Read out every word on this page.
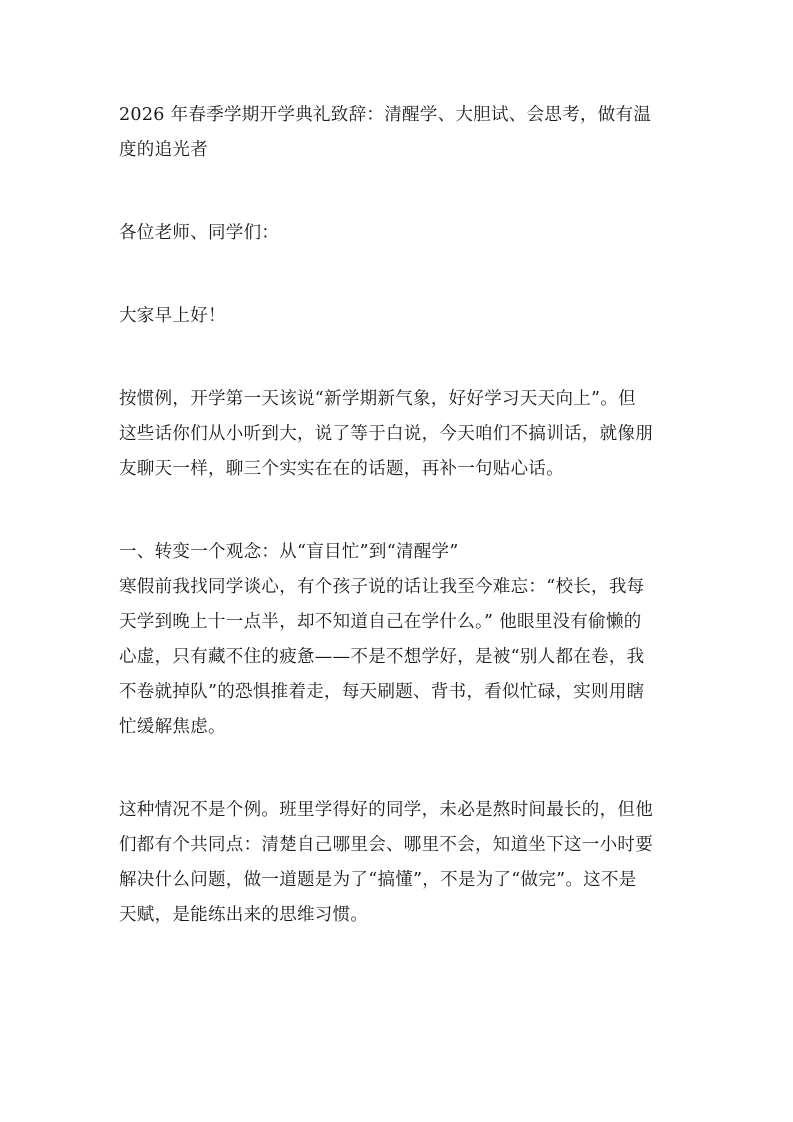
2026 年春季学期开学典礼致辞：清醒学、大胆试、会思考，做有温
度的追光者
各位老师、同学们：
大家早上好！
按惯例，开学第一天该说“新学期新气象，好好学习天天向上”。但
这些话你们从小听到大，说了等于白说，今天咱们不搞训话，就像朋
友聊天一样，聊三个实实在在的话题，再补一句贴心话。
一、转变一个观念：从“盲目忙”到“清醒学”
寒假前我找同学谈心，有个孩子说的话让我至今难忘：“校长，我每
天学到晚上十一点半，却不知道自己在学什么。” 他眼里没有偷懒的
心虚，只有藏不住的疲惫——不是不想学好，是被“别人都在卷，我
不卷就掉队”的恐惧推着走，每天刷题、背书，看似忙碌，实则用瞎
忙缓解焦虑。
这种情况不是个例。班里学得好的同学，未必是熬时间最长的，但他
们都有个共同点：清楚自己哪里会、哪里不会，知道坐下这一小时要
解决什么问题，做一道题是为了“搞懂”，不是为了“做完”。这不是
天赋，是能练出来的思维习惯。
